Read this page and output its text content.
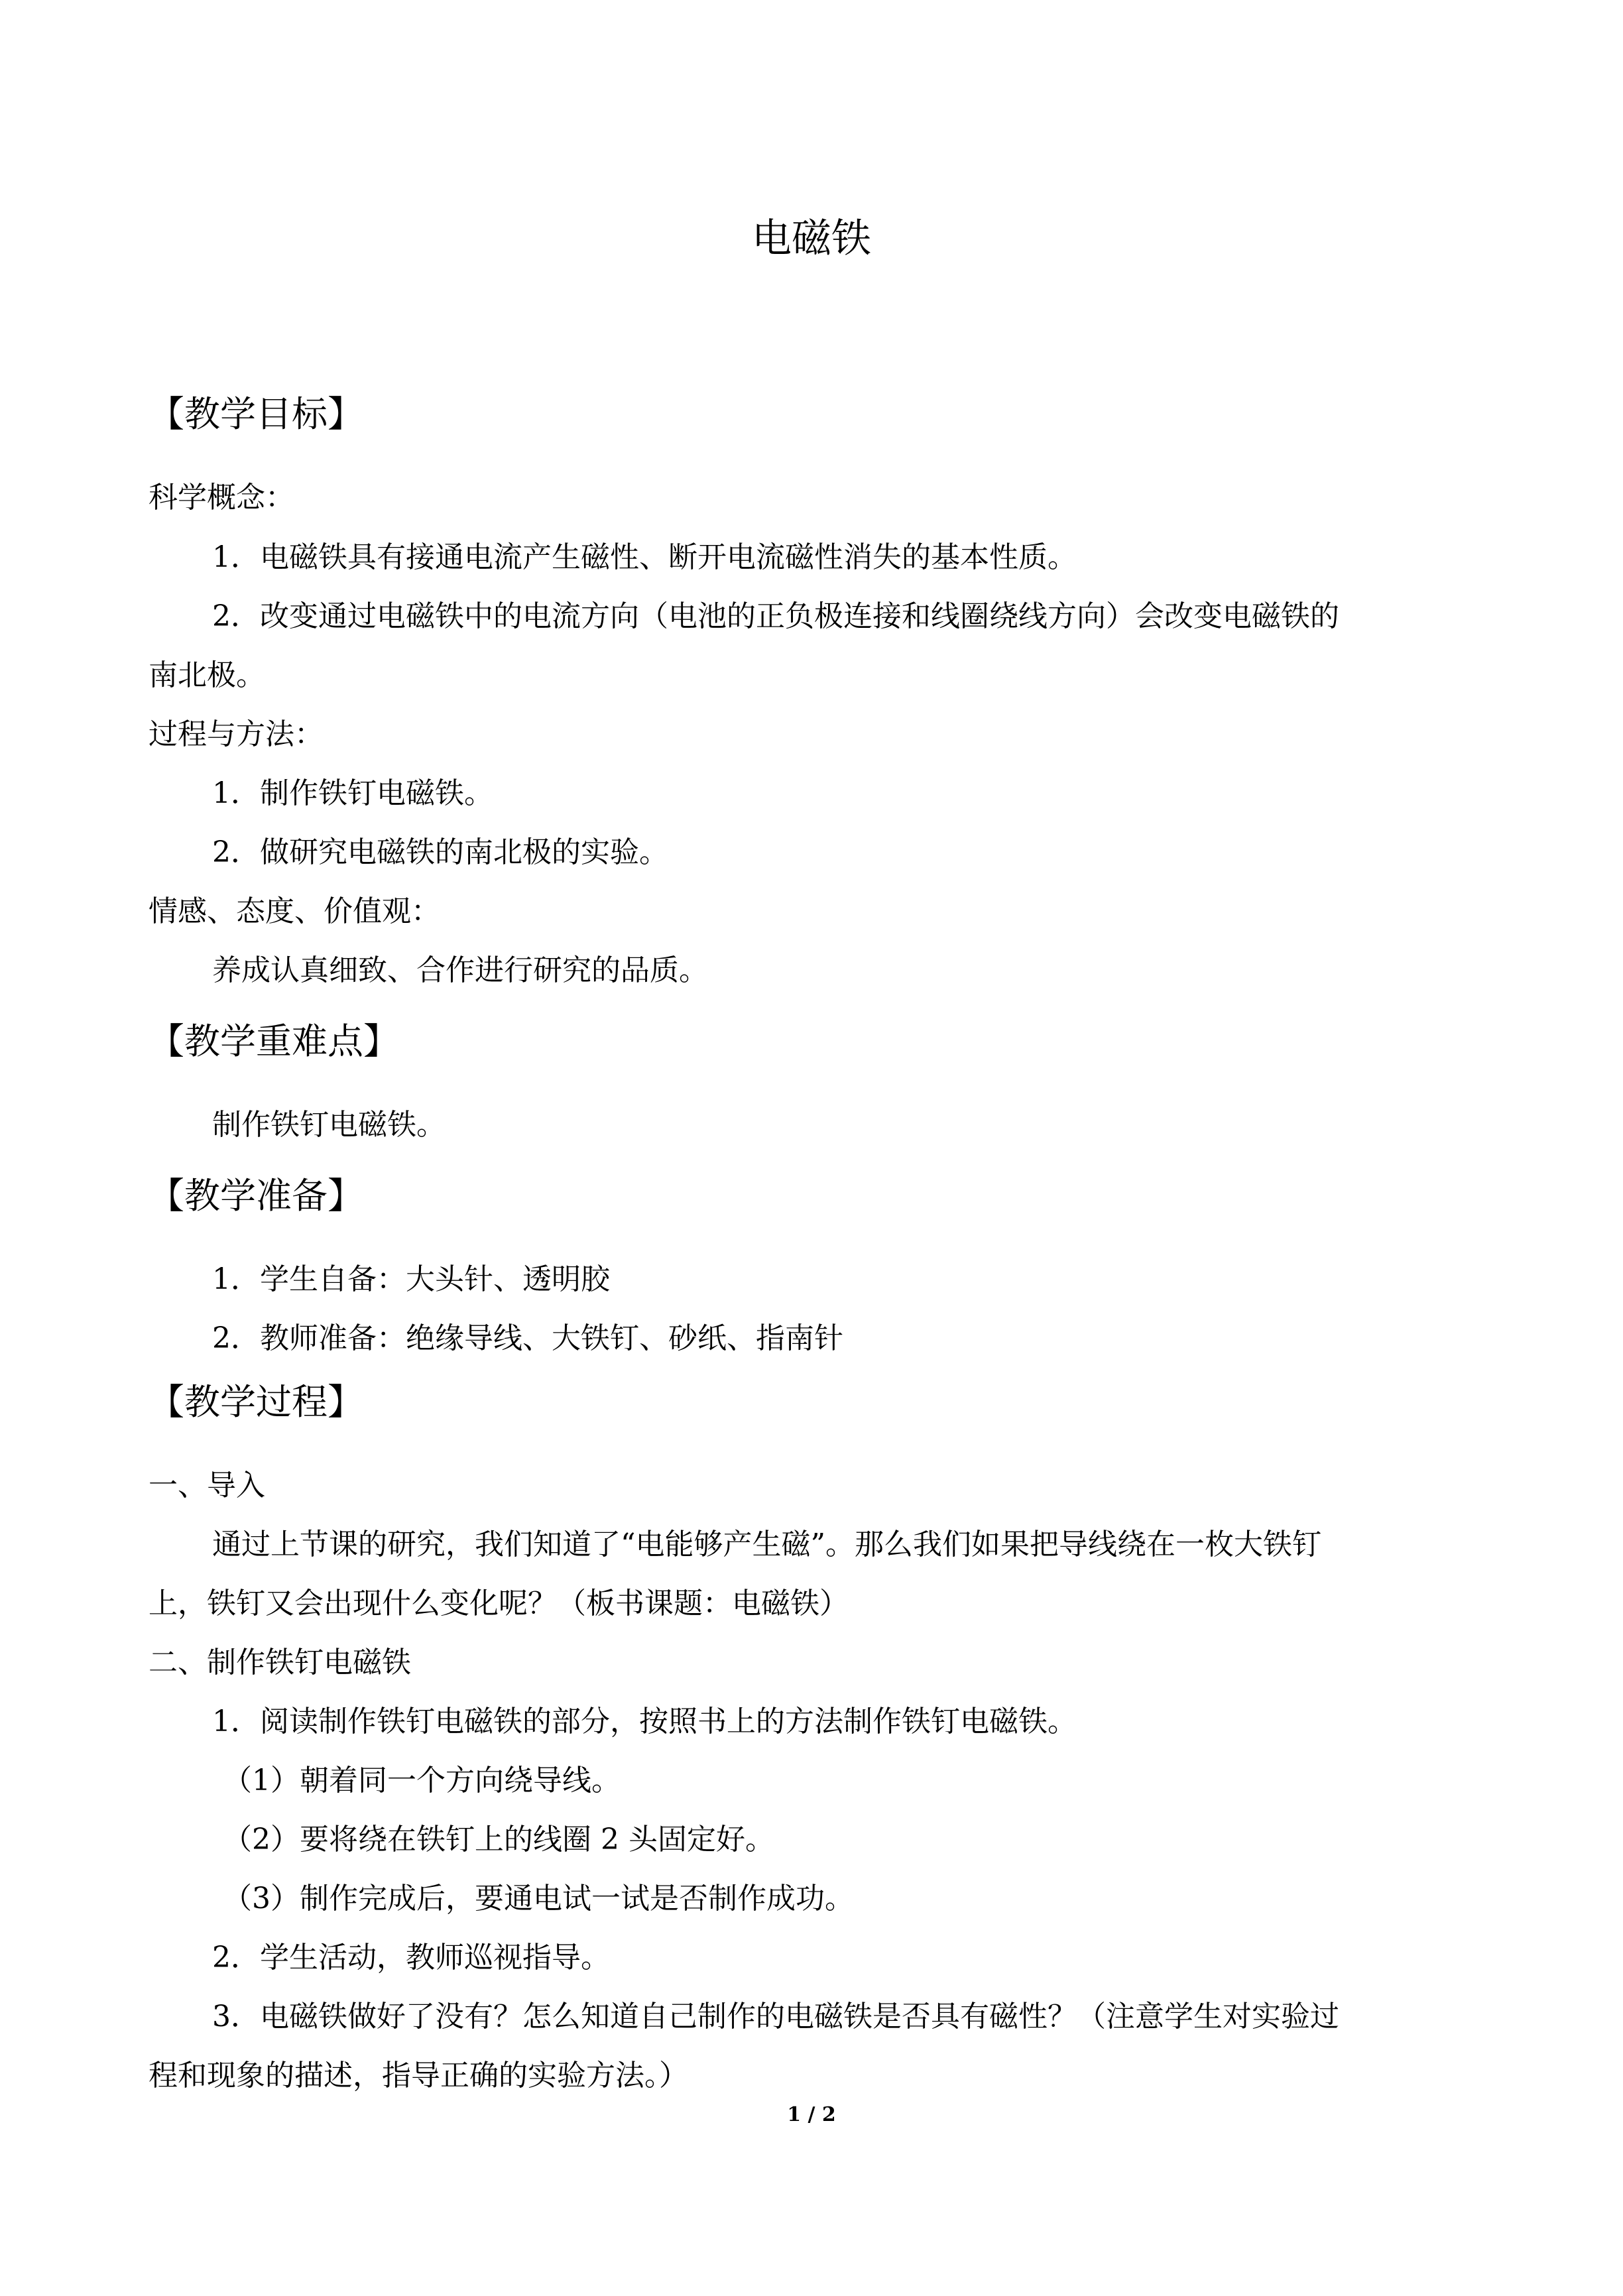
电磁铁
【教学目标】
科学概念：
1．电磁铁具有接通电流产生磁性、断开电流磁性消失的基本性质。
2．改变通过电磁铁中的电流方向（电池的正负极连接和线圈绕线方向）会改变电磁铁的
南北极。
过程与方法：
1．制作铁钉电磁铁。
2．做研究电磁铁的南北极的实验。
情感、态度、价值观：
养成认真细致、合作进行研究的品质。
【教学重难点】
制作铁钉电磁铁。
【教学准备】
1．学生自备：大头针、透明胶
2．教师准备：绝缘导线、大铁钉、砂纸、指南针
【教学过程】
一、导入
通过上节课的研究，我们知道了“电能够产生磁”。那么我们如果把导线绕在一枚大铁钉
上，铁钉又会出现什么变化呢？（板书课题：电磁铁）
二、制作铁钉电磁铁
1．阅读制作铁钉电磁铁的部分，按照书上的方法制作铁钉电磁铁。
（1）朝着同一个方向绕导线。
（2）要将绕在铁钉上的线圈 2 头固定好。
（3）制作完成后，要通电试一试是否制作成功。
2．学生活动，教师巡视指导。
3．电磁铁做好了没有？怎么知道自己制作的电磁铁是否具有磁性？（注意学生对实验过
程和现象的描述，指导正确的实验方法。）
1 / 2
